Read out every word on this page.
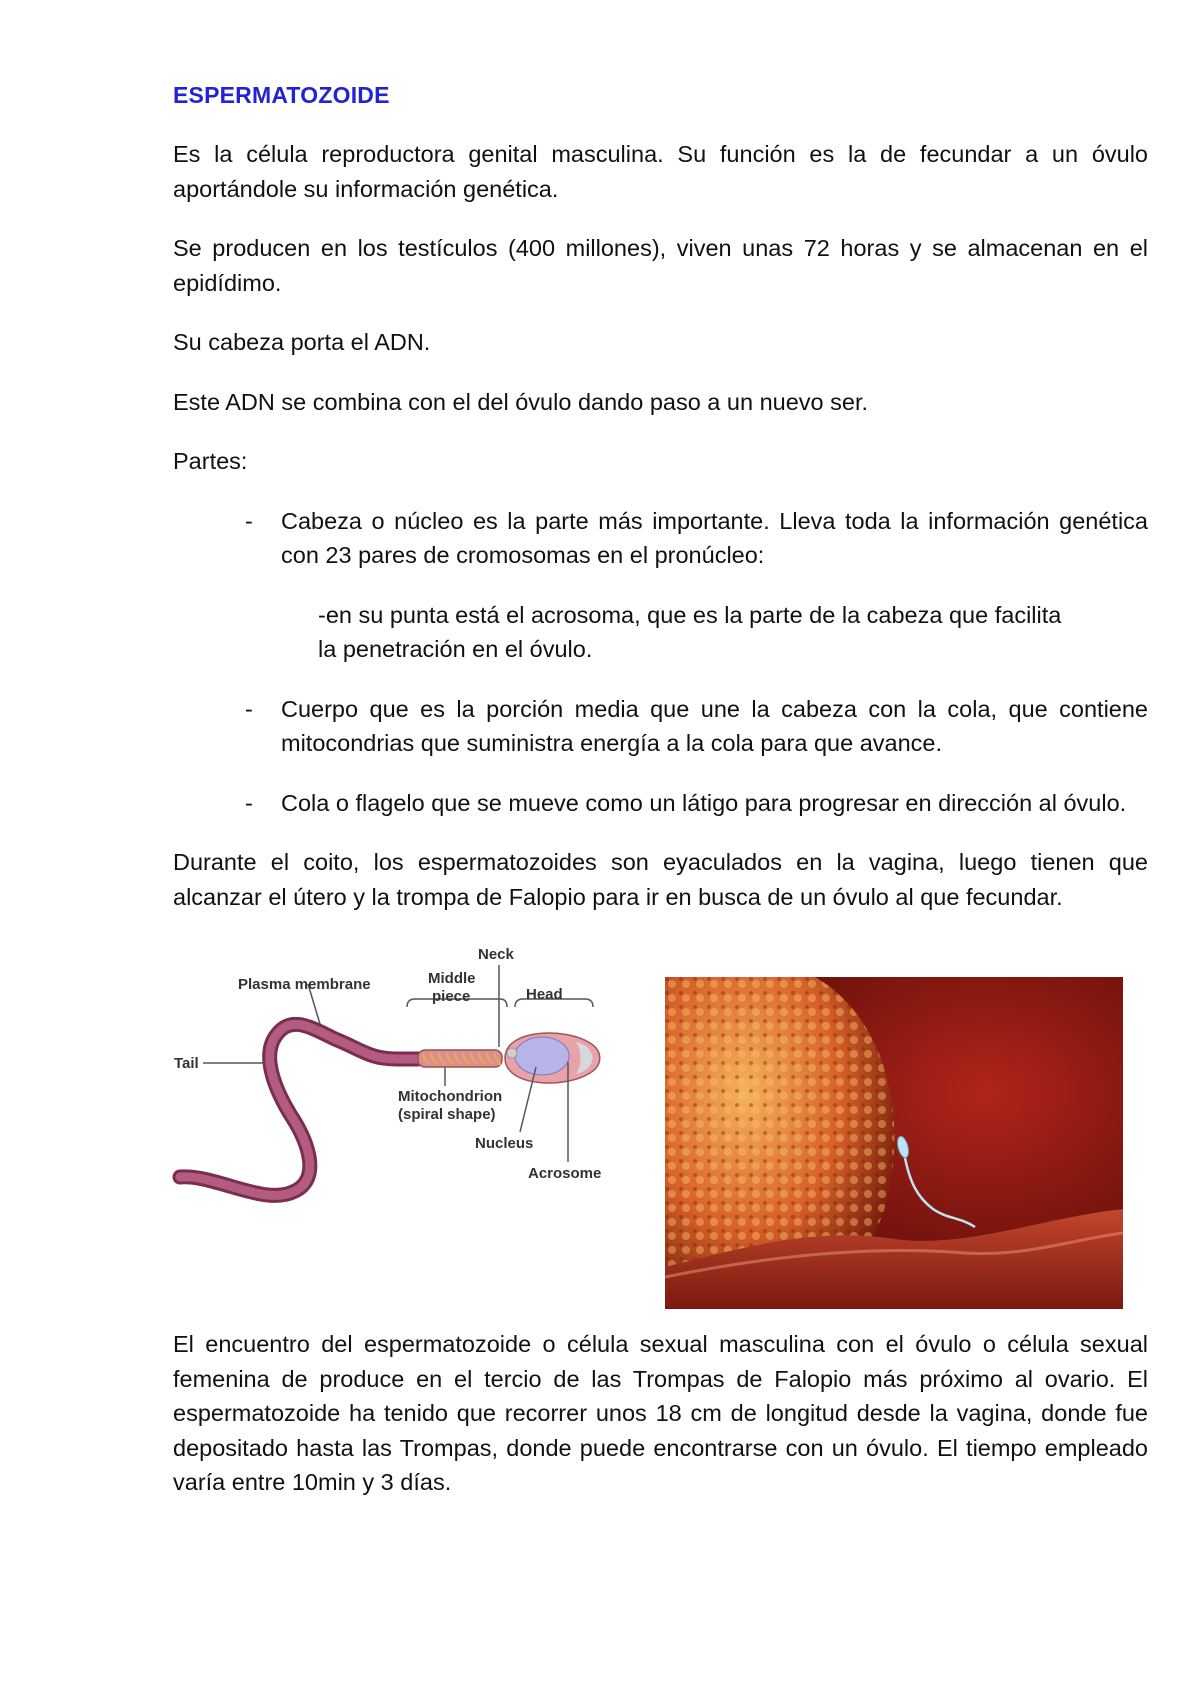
ESPERMATOZOIDE

Es la célula reproductora genital masculina. Su función es la de fecundar a un óvulo aportándole su información genética.

Se producen en los testículos (400 millones), viven unas 72 horas y se almacenan en el epidídimo.

Su cabeza porta el ADN.

Este ADN se combina con el del óvulo dando paso a un nuevo ser.

Partes:

- Cabeza o núcleo es la parte más importante. Lleva toda la información genética con 23 pares de cromosomas en el pronúcleo:

-en su punta está el acrosoma, que es la parte de la cabeza que facilita la penetración en el óvulo.

- Cuerpo que es la porción media que une la cabeza con la cola, que contiene mitocondrias que suministra energía a la cola para que avance.

- Cola o flagelo que se mueve como un látigo para progresar en dirección al óvulo.

Durante el coito, los espermatozoides son eyaculados en la vagina, luego tienen que alcanzar el útero y la trompa de Falopio para ir en busca de un óvulo al que fecundar.

Plasma membrane	Middle
piece
Neck
Head
Tail
Mitochondrion
(spiral shape)
Nucleus
Acrosome

El encuentro del espermatozoide o célula sexual masculina con el óvulo o célula sexual femenina de produce en el tercio de las Trompas de Falopio más próximo al ovario. El espermatozoide ha tenido que recorrer unos 18 cm de longitud desde la vagina, donde fue depositado hasta las Trompas, donde puede encontrarse con un óvulo. El tiempo empleado varía entre 10min y 3 días.
